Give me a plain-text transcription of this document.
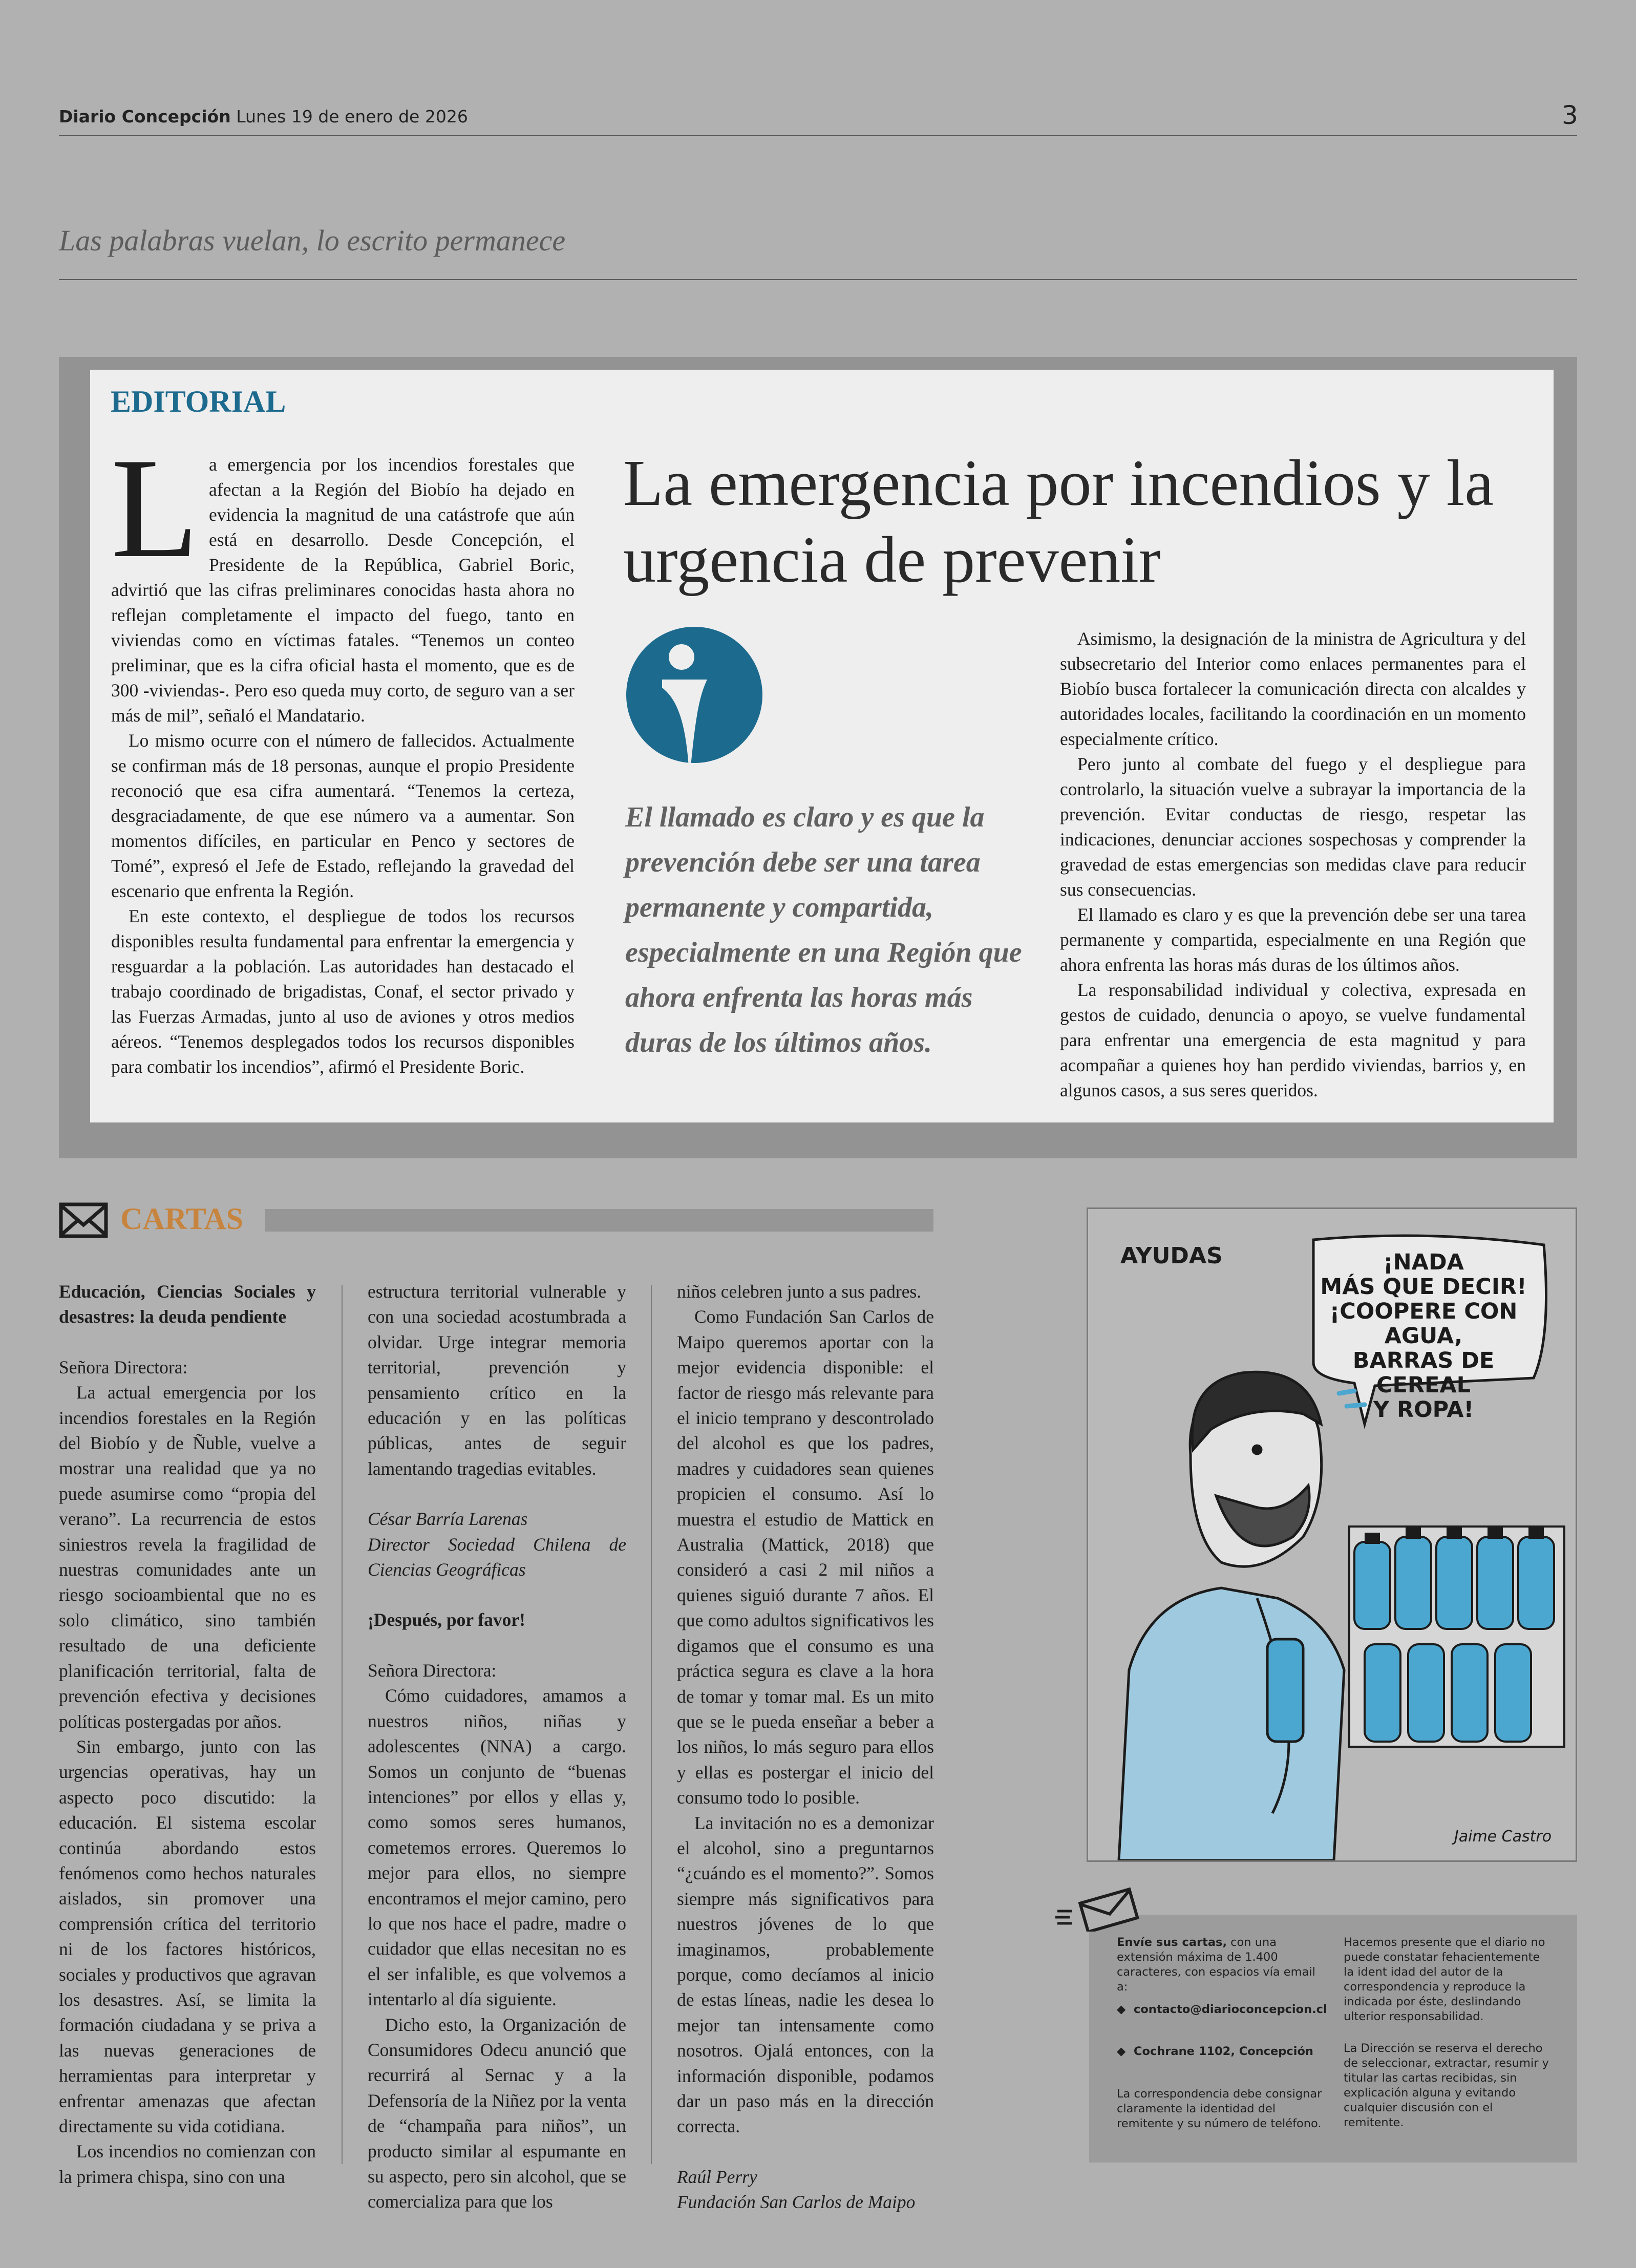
Diario Concepción Lunes 19 de enero de 2026	3
Las palabras vuelan, lo escrito permanece
EDITORIAL

La emergencia por los incendios forestales que afectan a la Región del Biobío ha dejado en evidencia la magnitud de una catástrofe que aún está en desarrollo. Desde Concepción, el Presidente de la República, Gabriel Boric, advirtió que las cifras preliminares conocidas hasta ahora no reflejan completamente el impacto del fuego, tanto en viviendas como en víctimas fatales. “Tenemos un conteo preliminar, que es la cifra oficial hasta el momento, que es de 300 -viviendas-. Pero eso queda muy corto, de seguro van a ser más de mil”, señaló el Mandatario.

Lo mismo ocurre con el número de fallecidos. Actualmente se confirman más de 18 personas, aunque el propio Presidente reconoció que esa cifra aumentará. “Tenemos la certeza, desgraciadamente, de que ese número va a aumentar. Son momentos difíciles, en particular en Penco y sectores de Tomé”, expresó el Jefe de Estado, reflejando la gravedad del escenario que enfrenta la Región.

En este contexto, el despliegue de todos los recursos disponibles resulta fundamental para enfrentar la emergencia y resguardar a la población. Las autoridades han destacado el trabajo coordinado de brigadistas, Conaf, el sector privado y las Fuerzas Armadas, junto al uso de aviones y otros medios aéreos. “Tenemos desplegados todos los recursos disponibles para combatir los incendios”, afirmó el Presidente Boric.

La emergencia por incendios y la urgencia de prevenir
El llamado es claro y es que la prevención debe ser una tarea permanente y compartida, especialmente en una Región que ahora enfrenta las horas más duras de los últimos años.

Asimismo, la designación de la ministra de Agricultura y del subsecretario del Interior como enlaces permanentes para el Biobío busca fortalecer la comunicación directa con alcaldes y autoridades locales, facilitando la coordinación en un momento especialmente crítico.

Pero junto al combate del fuego y el despliegue para controlarlo, la situación vuelve a subrayar la importancia de la prevención. Evitar conductas de riesgo, respetar las indicaciones, denunciar acciones sospechosas y comprender la gravedad de estas emergencias son medidas clave para reducir sus consecuencias.

El llamado es claro y es que la prevención debe ser una tarea permanente y compartida, especialmente en una Región que ahora enfrenta las horas más duras de los últimos años.

La responsabilidad individual y colectiva, expresada en gestos de cuidado, denuncia o apoyo, se vuelve fundamental para enfrentar una emergencia de esta magnitud y para acompañar a quienes hoy han perdido viviendas, barrios y, en algunos casos, a sus seres queridos.

CARTAS

Educación, Ciencias Sociales y desastres: la deuda pendiente

Señora Directora:

La actual emergencia por los incendios forestales en la Región del Biobío y de Ñuble, vuelve a mostrar una realidad que ya no puede asumirse como “propia del verano”. La recurrencia de estos siniestros revela la fragilidad de nuestras comunidades ante un riesgo socioambiental que no es solo climático, sino también resultado de una deficiente planificación territorial, falta de prevención efectiva y decisiones políticas postergadas por años.

Sin embargo, junto con las urgencias operativas, hay un aspecto poco discutido: la educación. El sistema escolar continúa abordando estos fenómenos como hechos naturales aislados, sin promover una comprensión crítica del territorio ni de los factores históricos, sociales y productivos que agravan los desastres. Así, se limita la formación ciudadana y se priva a las nuevas generaciones de herramientas para interpretar y enfrentar amenazas que afectan directamente su vida cotidiana.

Los incendios no comienzan con la primera chispa, sino con una

estructura territorial vulnerable y con una sociedad acostumbrada a olvidar. Urge integrar memoria territorial, prevención y pensamiento crítico en la educación y en las políticas públicas, antes de seguir lamentando tragedias evitables.

César Barría Larenas

Director Sociedad Chilena de Ciencias Geográficas

¡Después, por favor!

Señora Directora:

Cómo cuidadores, amamos a nuestros niños, niñas y adolescentes (NNA) a cargo. Somos un conjunto de “buenas intenciones” por ellos y ellas y, como somos seres humanos, cometemos errores. Queremos lo mejor para ellos, no siempre encontramos el mejor camino, pero lo que nos hace el padre, madre o cuidador que ellas necesitan no es el ser infalible, es que volvemos a intentarlo al día siguiente.

Dicho esto, la Organización de Consumidores Odecu anunció que recurrirá al Sernac y a la Defensoría de la Niñez por la venta de “champaña para niños”, un producto similar al espumante en su aspecto, pero sin alcohol, que se comercializa para que los

niños celebren junto a sus padres.

Como Fundación San Carlos de Maipo queremos aportar con la mejor evidencia disponible: el factor de riesgo más relevante para el inicio temprano y descontrolado del alcohol es que los padres, madres y cuidadores sean quienes propicien el consumo. Así lo muestra el estudio de Mattick en Australia (Mattick, 2018) que consideró a casi 2 mil niños a quienes siguió durante 7 años. El que como adultos significativos les digamos que el consumo es una práctica segura es clave a la hora de tomar y tomar mal. Es un mito que se le pueda enseñar a beber a los niños, lo más seguro para ellos y ellas es postergar el inicio del consumo todo lo posible.

La invitación no es a demonizar el alcohol, sino a preguntarnos “¿cuándo es el momento?”. Somos siempre más significativos para nuestros jóvenes de lo que imaginamos, probablemente porque, como decíamos al inicio de estas líneas, nadie les desea lo mejor tan intensamente como nosotros. Ojalá entonces, con la información disponible, podamos dar un paso más en la dirección correcta.

Raúl Perry

Fundación San Carlos de Maipo

Jaime Castro
AYUDAS	¡NADA
MÁS QUE DECIR!
¡COOPERE CON AGUA,
BARRAS DE CEREAL
Y ROPA!
Envíe sus cartas, con una extensión máxima de 1.400 caracteres, con espacios vía email a:
◆  contacto@diarioconcepcion.cl
◆  Cochrane 1102, Concepción
La correspondencia debe consignar claramente la identidad del remitente y su número de teléfono.
Hacemos presente que el diario no puede constatar fehacientemente la ident idad del autor de la correspondencia y reproduce la indicada por éste, deslindando ulterior responsabilidad.
La Dirección se reserva el derecho de seleccionar, extractar, resumir y titular las cartas recibidas, sin explicación alguna y evitando cualquier discusión con el remitente.
